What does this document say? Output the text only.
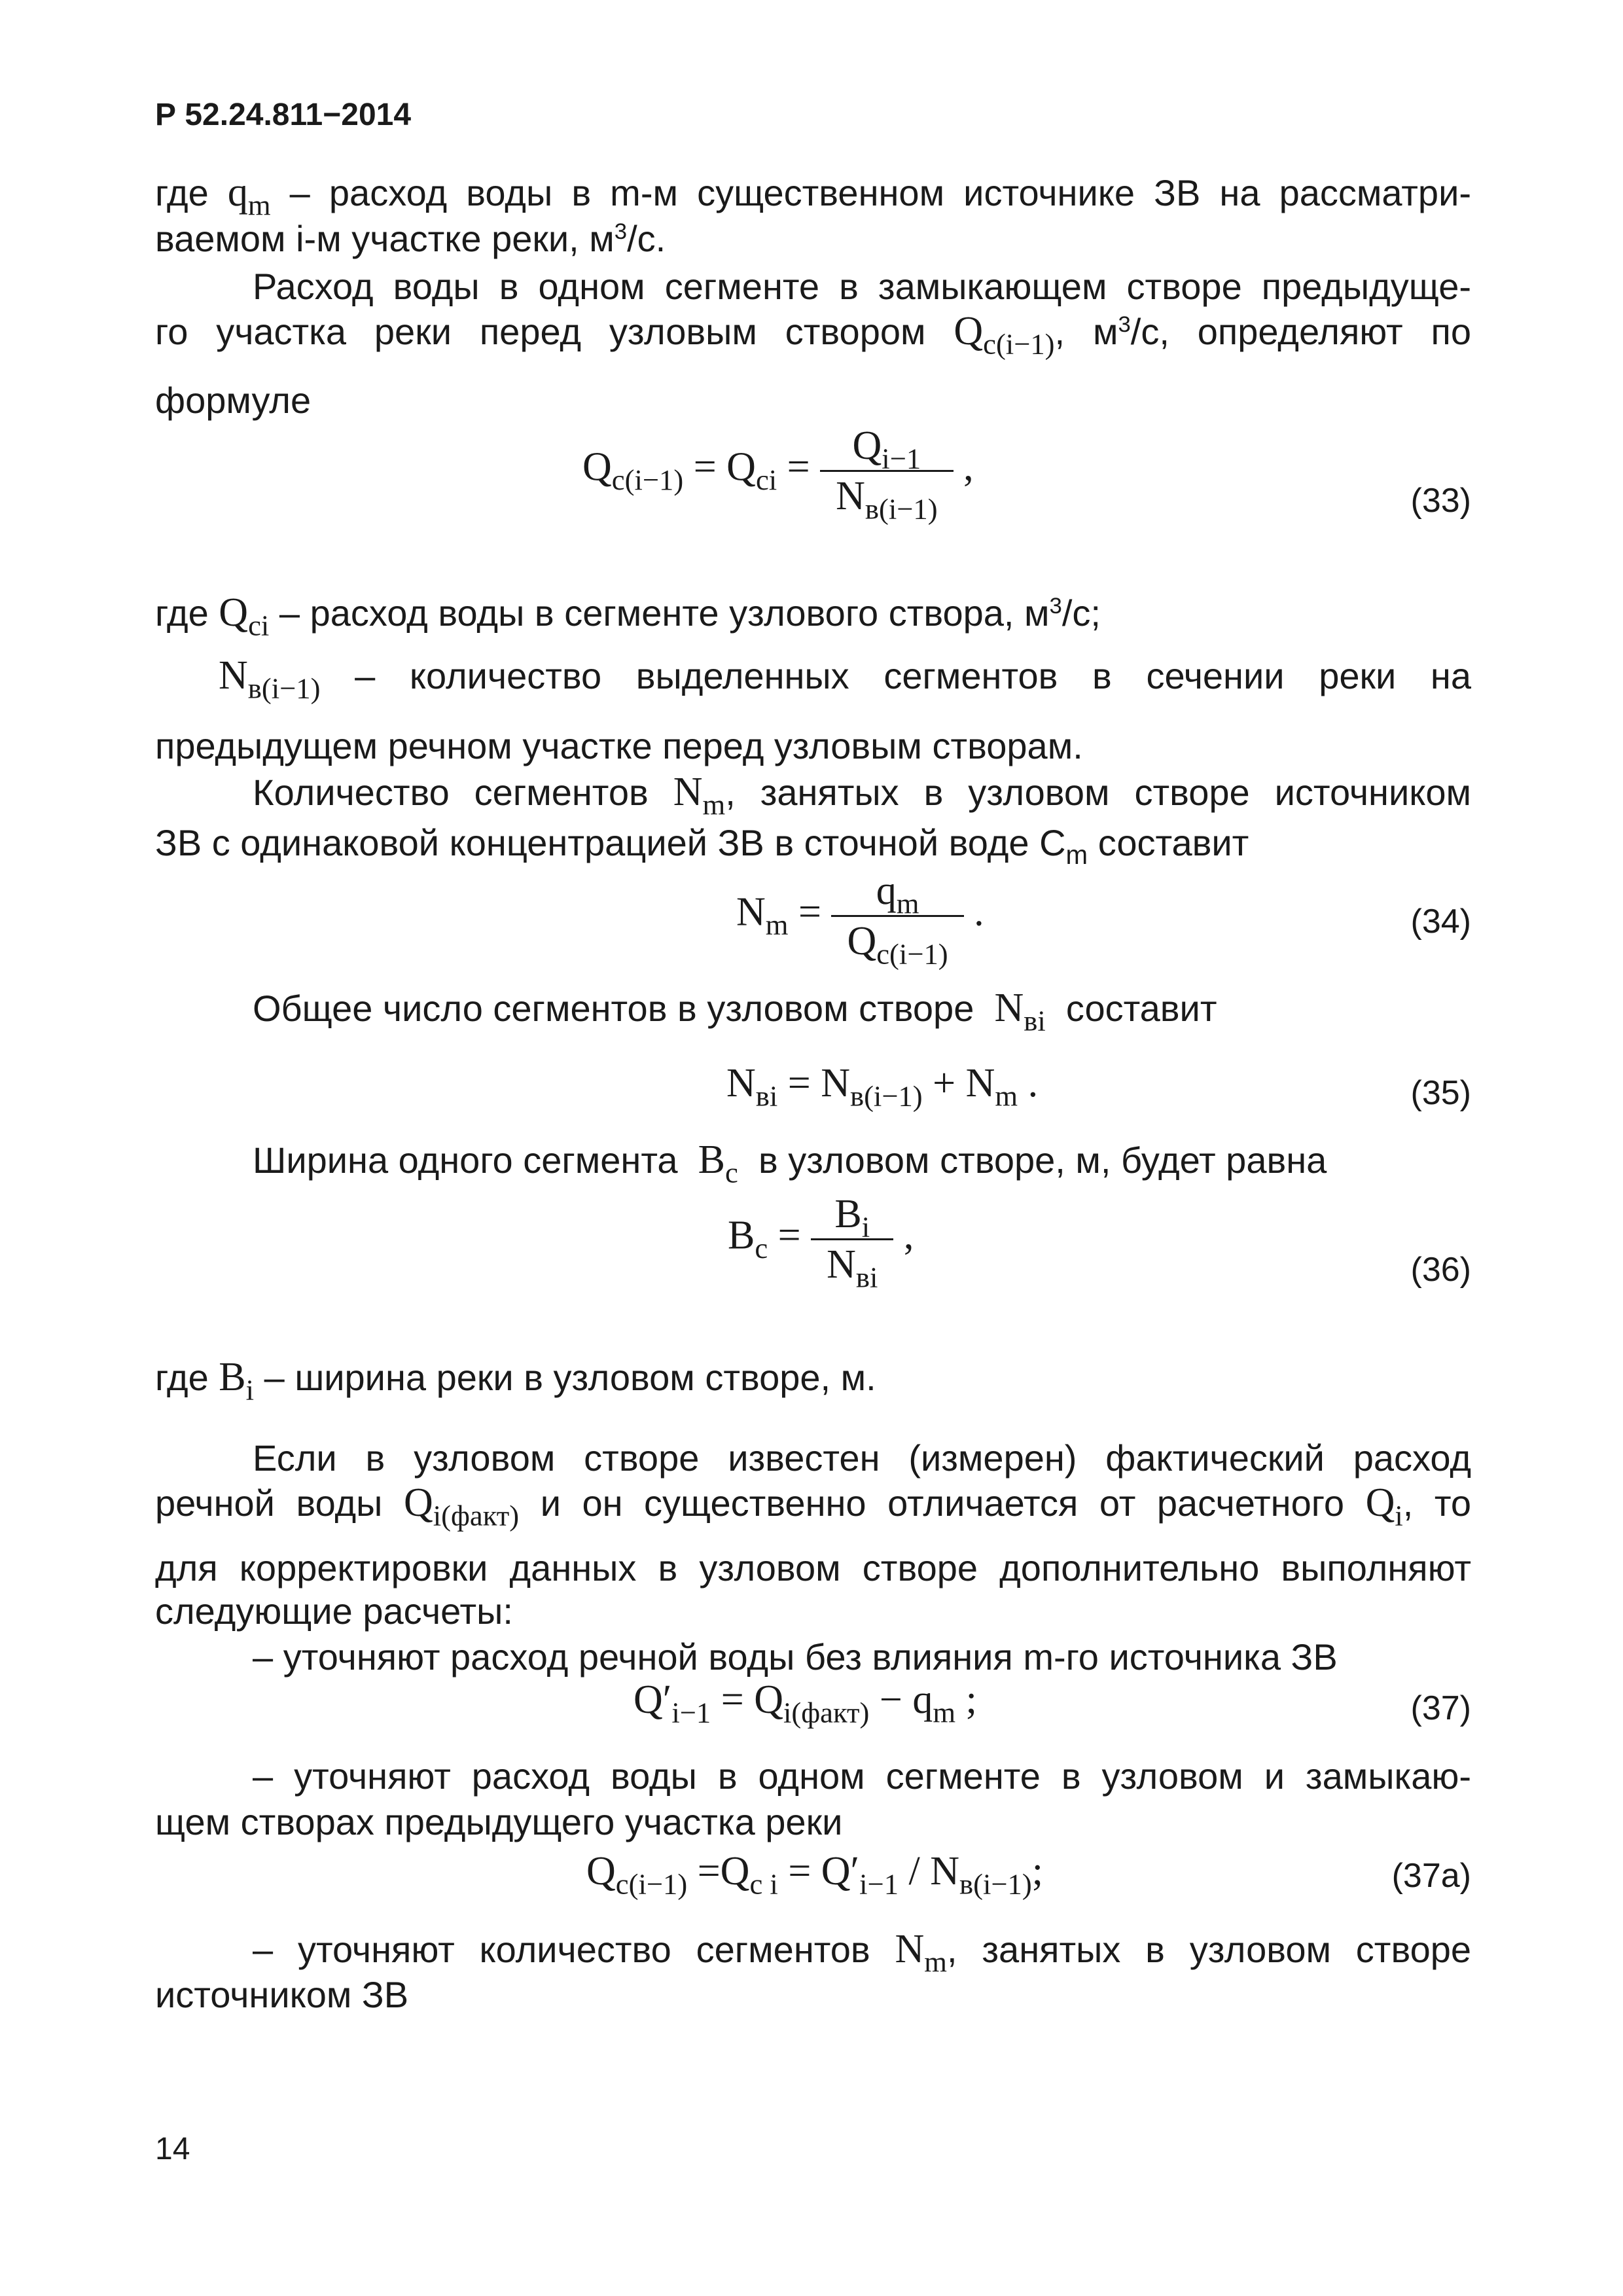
Р 52.24.811−2014
где $q_m$ – расход воды в m-м существенном источнике ЗВ на рассматри-
ваемом i-м участке реки, $м^3/с$.
Расход воды в одном сегменте в замыкающем створе предыдуще-
го участка реки перед узловым створом $Q_{c(i-1)}$, $м^3/с$, определяют по
формуле
$Q_{c(i-1)} = Q_{ci} = \frac{Q_{i-1}}{N_{в(i-1)}}$ ,
(33)
где $Q_{ci}$ – расход воды в сегменте узлового створа, $м^3/с$;
$N_{в(i-1)}$ – количество выделенных сегментов в сечении реки на
предыдущем речном участке перед узловым створам.
Количество сегментов $N_m$, занятых в узловом створе источником
ЗВ с одинаковой концентрацией ЗВ в сточной воде $C_m$ составит
$N_m = \frac{q_m}{Q_{c(i-1)}}$ .	(34)
Общее число сегментов в узловом створе $N_{вi}$ составит
$N_{вi} = N_{в(i-1)} + N_m$ .	(35)
Ширина одного сегмента $B_c$ в узловом створе, м, будет равна
$B_c = \frac{B_i}{N_{вi}}$ ,
(36)
где $B_i$ – ширина реки в узловом створе, м.
Если в узловом створе известен (измерен) фактический расход
речной воды $Q_{i(факт)}$ и он существенно отличается от расчетного $Q_i$, то
для корректировки данных в узловом створе дополнительно выполняют
следующие расчеты:
– уточняют расход речной воды без влияния m-го источника ЗВ
$Q'_{i-1} = Q_{i(факт)} - q_m$ ;	(37)
– уточняют расход воды в одном сегменте в узловом и замыкаю-
щем створах предыдущего участка реки
$Q_{c(i-1)} =Q_{c i} = Q'_{i-1} / N_{в(i-1)}$;	(37a)
– уточняют количество сегментов $N_m$, занятых в узловом створе
источником ЗВ
14
